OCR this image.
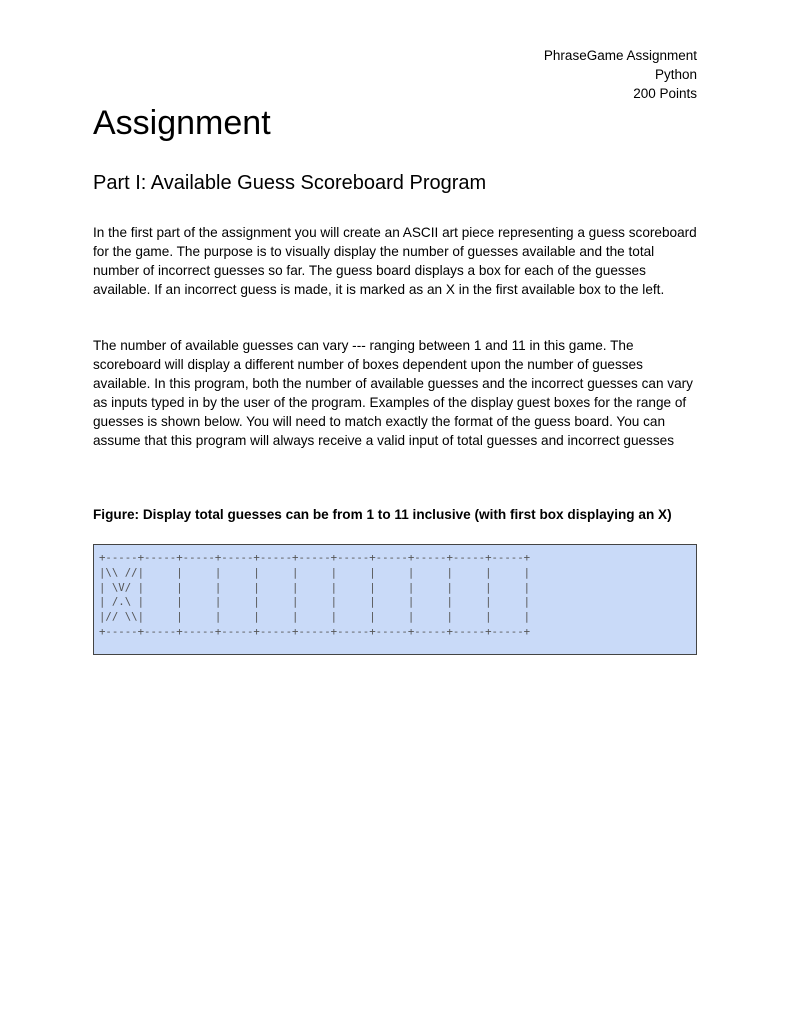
PhraseGame Assignment
Python
200 Points
Assignment
Part I: Available Guess Scoreboard Program

In the first part of the assignment you will create an ASCII art piece representing a guess scoreboard for the game. The purpose is to visually display the number of guesses available and the total number of incorrect guesses so far. The guess board displays a box for each of the guesses available. If an incorrect guess is made, it is marked as an X in the first available box to the left.

The number of available guesses can vary --- ranging between 1 and 11 in this game. The scoreboard will display a different number of boxes dependent upon the number of guesses available. In this program, both the number of available guesses and the incorrect guesses can vary as inputs typed in by the user of the program. Examples of the display guest boxes for the range of guesses is shown below. You will need to match exactly the format of the guess board. You can assume that this program will always receive a valid input of total guesses and incorrect guesses

Figure: Display total guesses can be from 1 to 11 inclusive (with first box displaying an X)

+-----+-----+-----+-----+-----+-----+-----+-----+-----+-----+-----+
|\\ //|     |     |     |     |     |     |     |     |     |     |
| \V/ |     |     |     |     |     |     |     |     |     |     |
| /.\ |     |     |     |     |     |     |     |     |     |     |
|// \\|     |     |     |     |     |     |     |     |     |     |
+-----+-----+-----+-----+-----+-----+-----+-----+-----+-----+-----+
